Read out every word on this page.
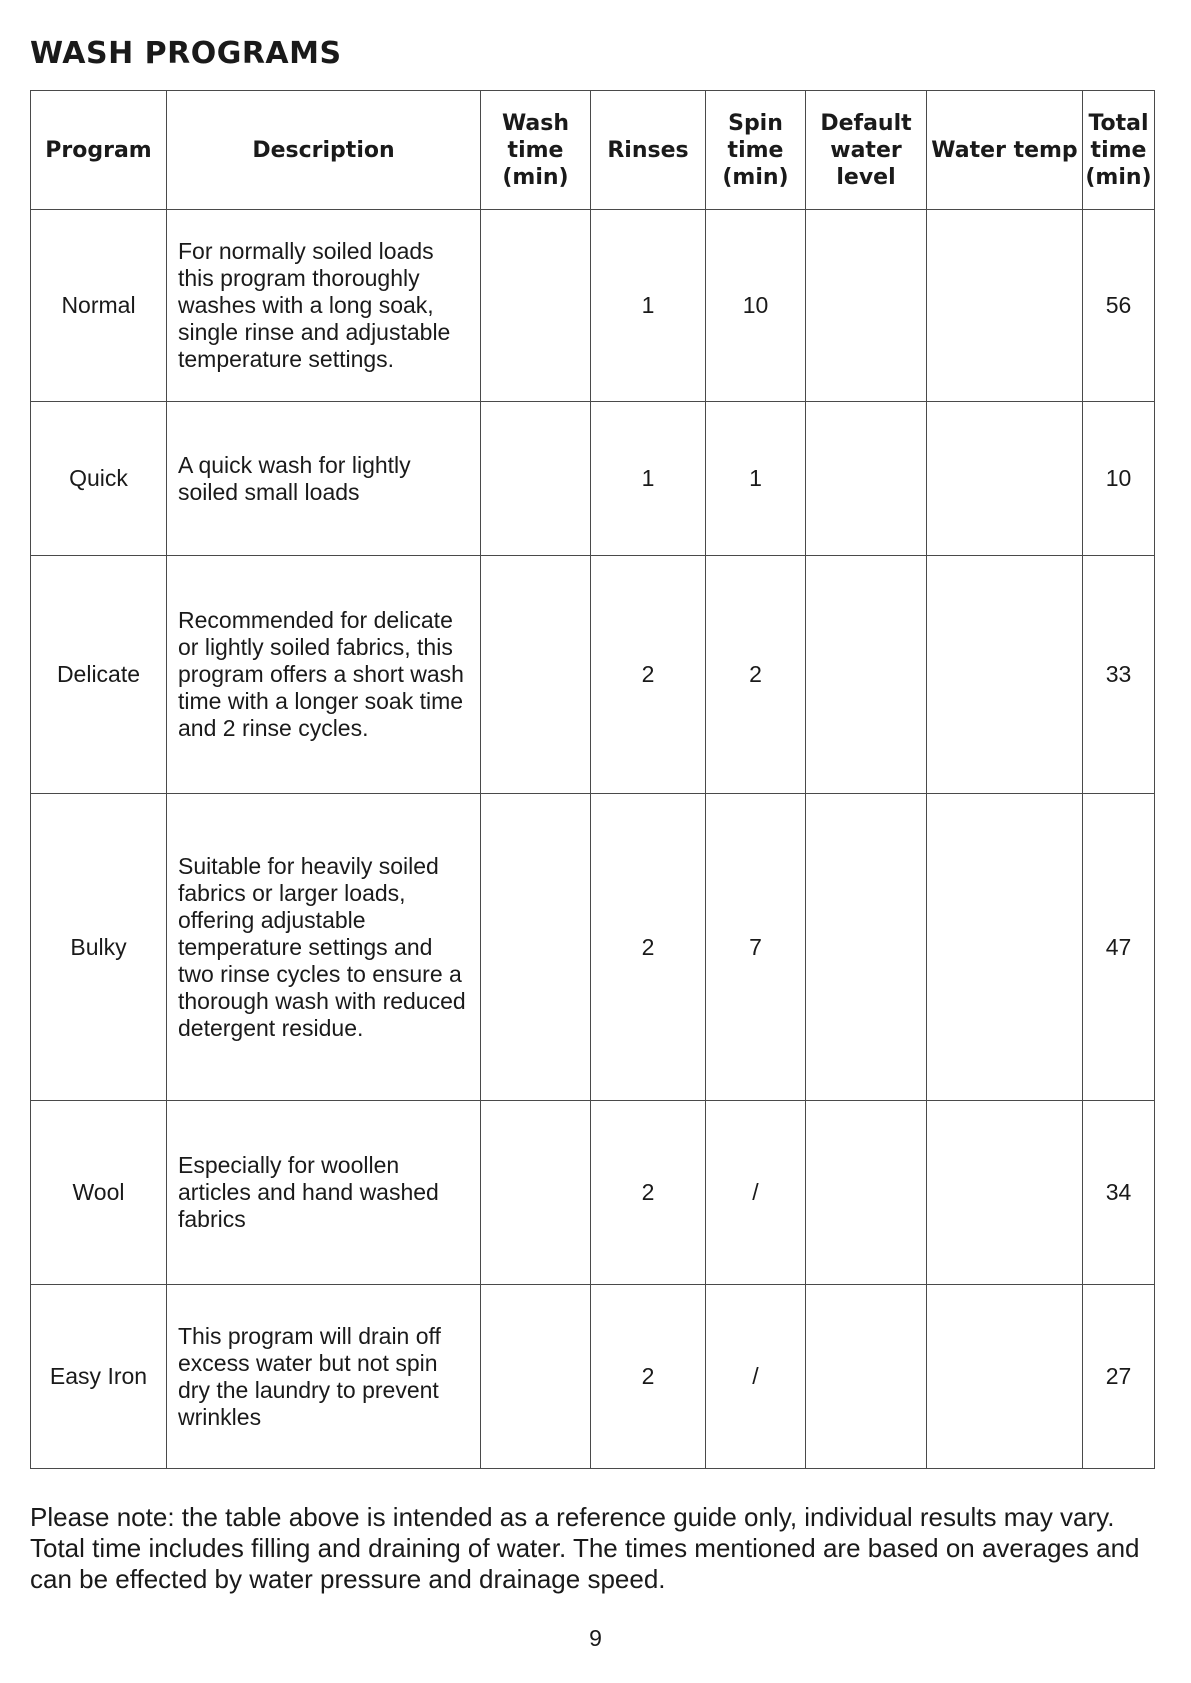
WASH PROGRAMS
Program	Description	Wash time (min)	Rinses	Spin time (min)	Default water level	Water temp	Total time (min)
Normal	For normally soiled loads this program thoroughly washes with a long soak, single rinse and adjustable temperature settings.		1	10			56
Quick	A quick wash for lightly soiled small loads		1	1			10
Delicate	Recommended for delicate or lightly soiled fabrics, this program offers a short wash time with a longer soak time and 2 rinse cycles.		2	2			33
Bulky	Suitable for heavily soiled fabrics or larger loads, offering adjustable temperature settings and two rinse cycles to ensure a thorough wash with reduced detergent residue.		2	7			47
Wool	Especially for woollen articles and hand washed fabrics		2	/			34
Easy Iron	This program will drain off excess water but not spin dry the laundry to prevent wrinkles		2	/			27

Please note: the table above is intended as a reference guide only, individual results may vary. Total time includes filling and draining of water. The times mentioned are based on averages and can be effected by water pressure and drainage speed.

9
